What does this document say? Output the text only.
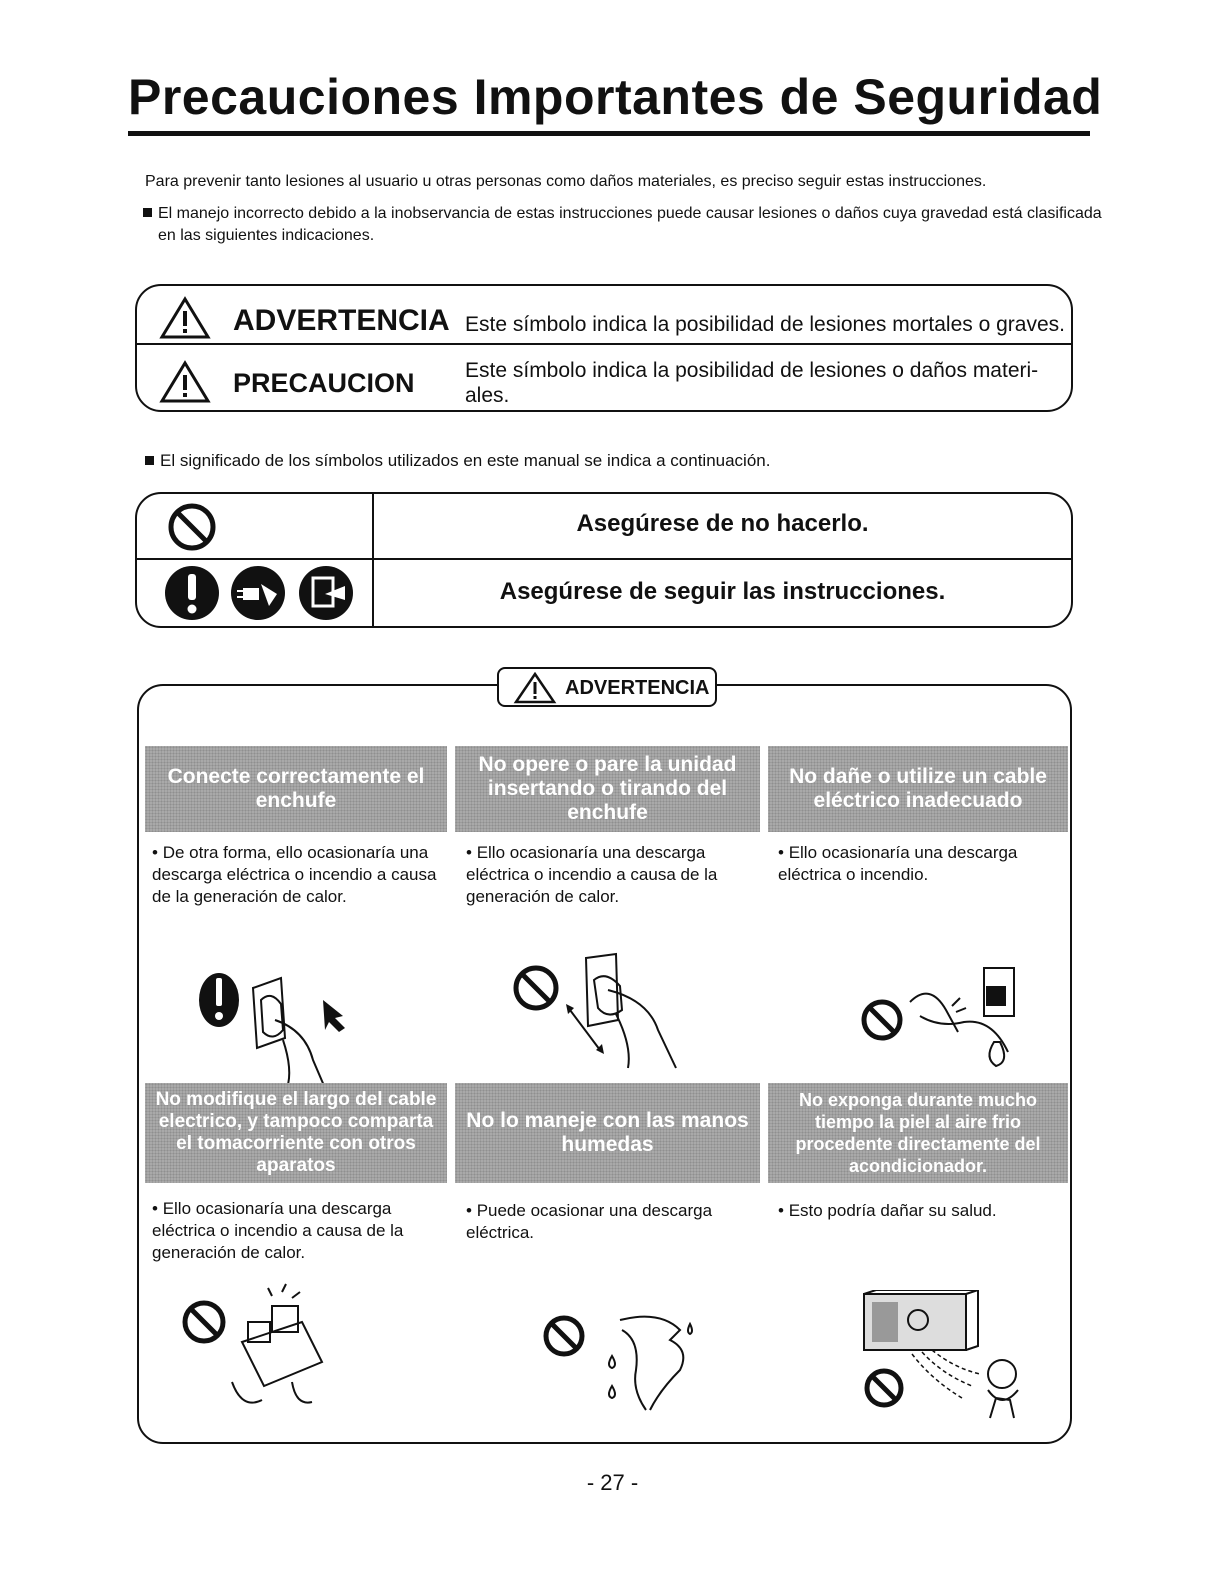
Precauciones Importantes de Seguridad
Para prevenir tanto lesiones al usuario u otras personas como daños materiales, es preciso seguir estas instrucciones.
El manejo incorrecto debido a la inobservancia de estas instrucciones puede causar lesiones o daños cuya gravedad está clasificada en las siguientes indicaciones.
ADVERTENCIA Este símbolo indica la posibilidad de lesiones mortales o graves.
PRECAUCION Este símbolo indica la posibilidad de lesiones o daños materi-ales.
El significado de los símbolos utilizados en este manual se indica a continuación.
Asegúrese de no hacerlo.
Asegúrese de seguir las instrucciones.
ADVERTENCIA
Conecte correctamente el enchufe
No opere o pare la unidad insertando o tirando del enchufe
No dañe o utilize un cable eléctrico inadecuado
• De otra forma, ello ocasionaría una descarga eléctrica o incendio a causa de la generación de calor.
• Ello ocasionaría una descarga eléctrica o incendio a causa de la generación de calor.
• Ello ocasionaría una descarga eléctrica o incendio.
No modifique el largo del cable electrico, y tampoco comparta el tomacorriente con otros aparatos
No lo maneje con las manos humedas
No exponga durante mucho tiempo la piel al aire frio procedente directamente del acondicionador.
• Ello ocasionaría una descarga eléctrica o incendio a causa de la generación de calor.
• Puede ocasionar una descarga eléctrica.
• Esto podría dañar su salud.
- 27 -
